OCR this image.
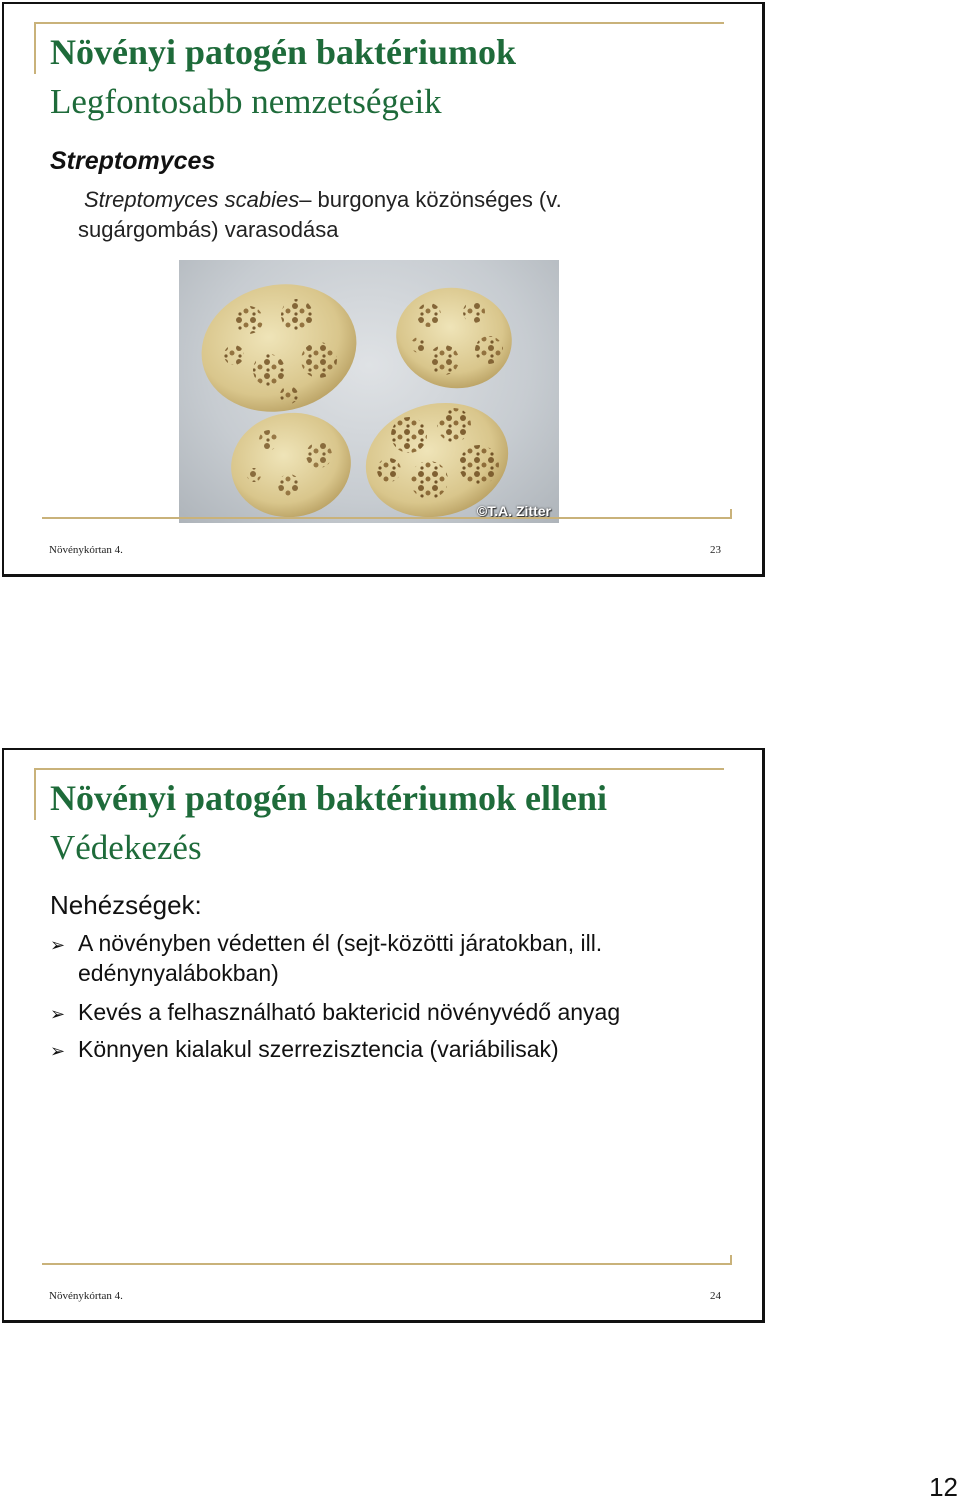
Növényi patogén baktériumok
Legfontosabb nemzetségeik
Streptomyces
Streptomyces scabies– burgonya közönséges (v.
sugárgombás) varasodása
©T.A. Zitter
Növénykórtan 4.	23
Növényi patogén baktériumok elleni
Védekezés
Nehézségek:
➢ A növényben védetten él (sejt-közötti járatokban, ill.
edénynyalábokban)
➢ Kevés a felhasználható baktericid növényvédő anyag
➢ Könnyen kialakul szerrezisztencia (variábilisak)
Növénykórtan 4.	24
12
